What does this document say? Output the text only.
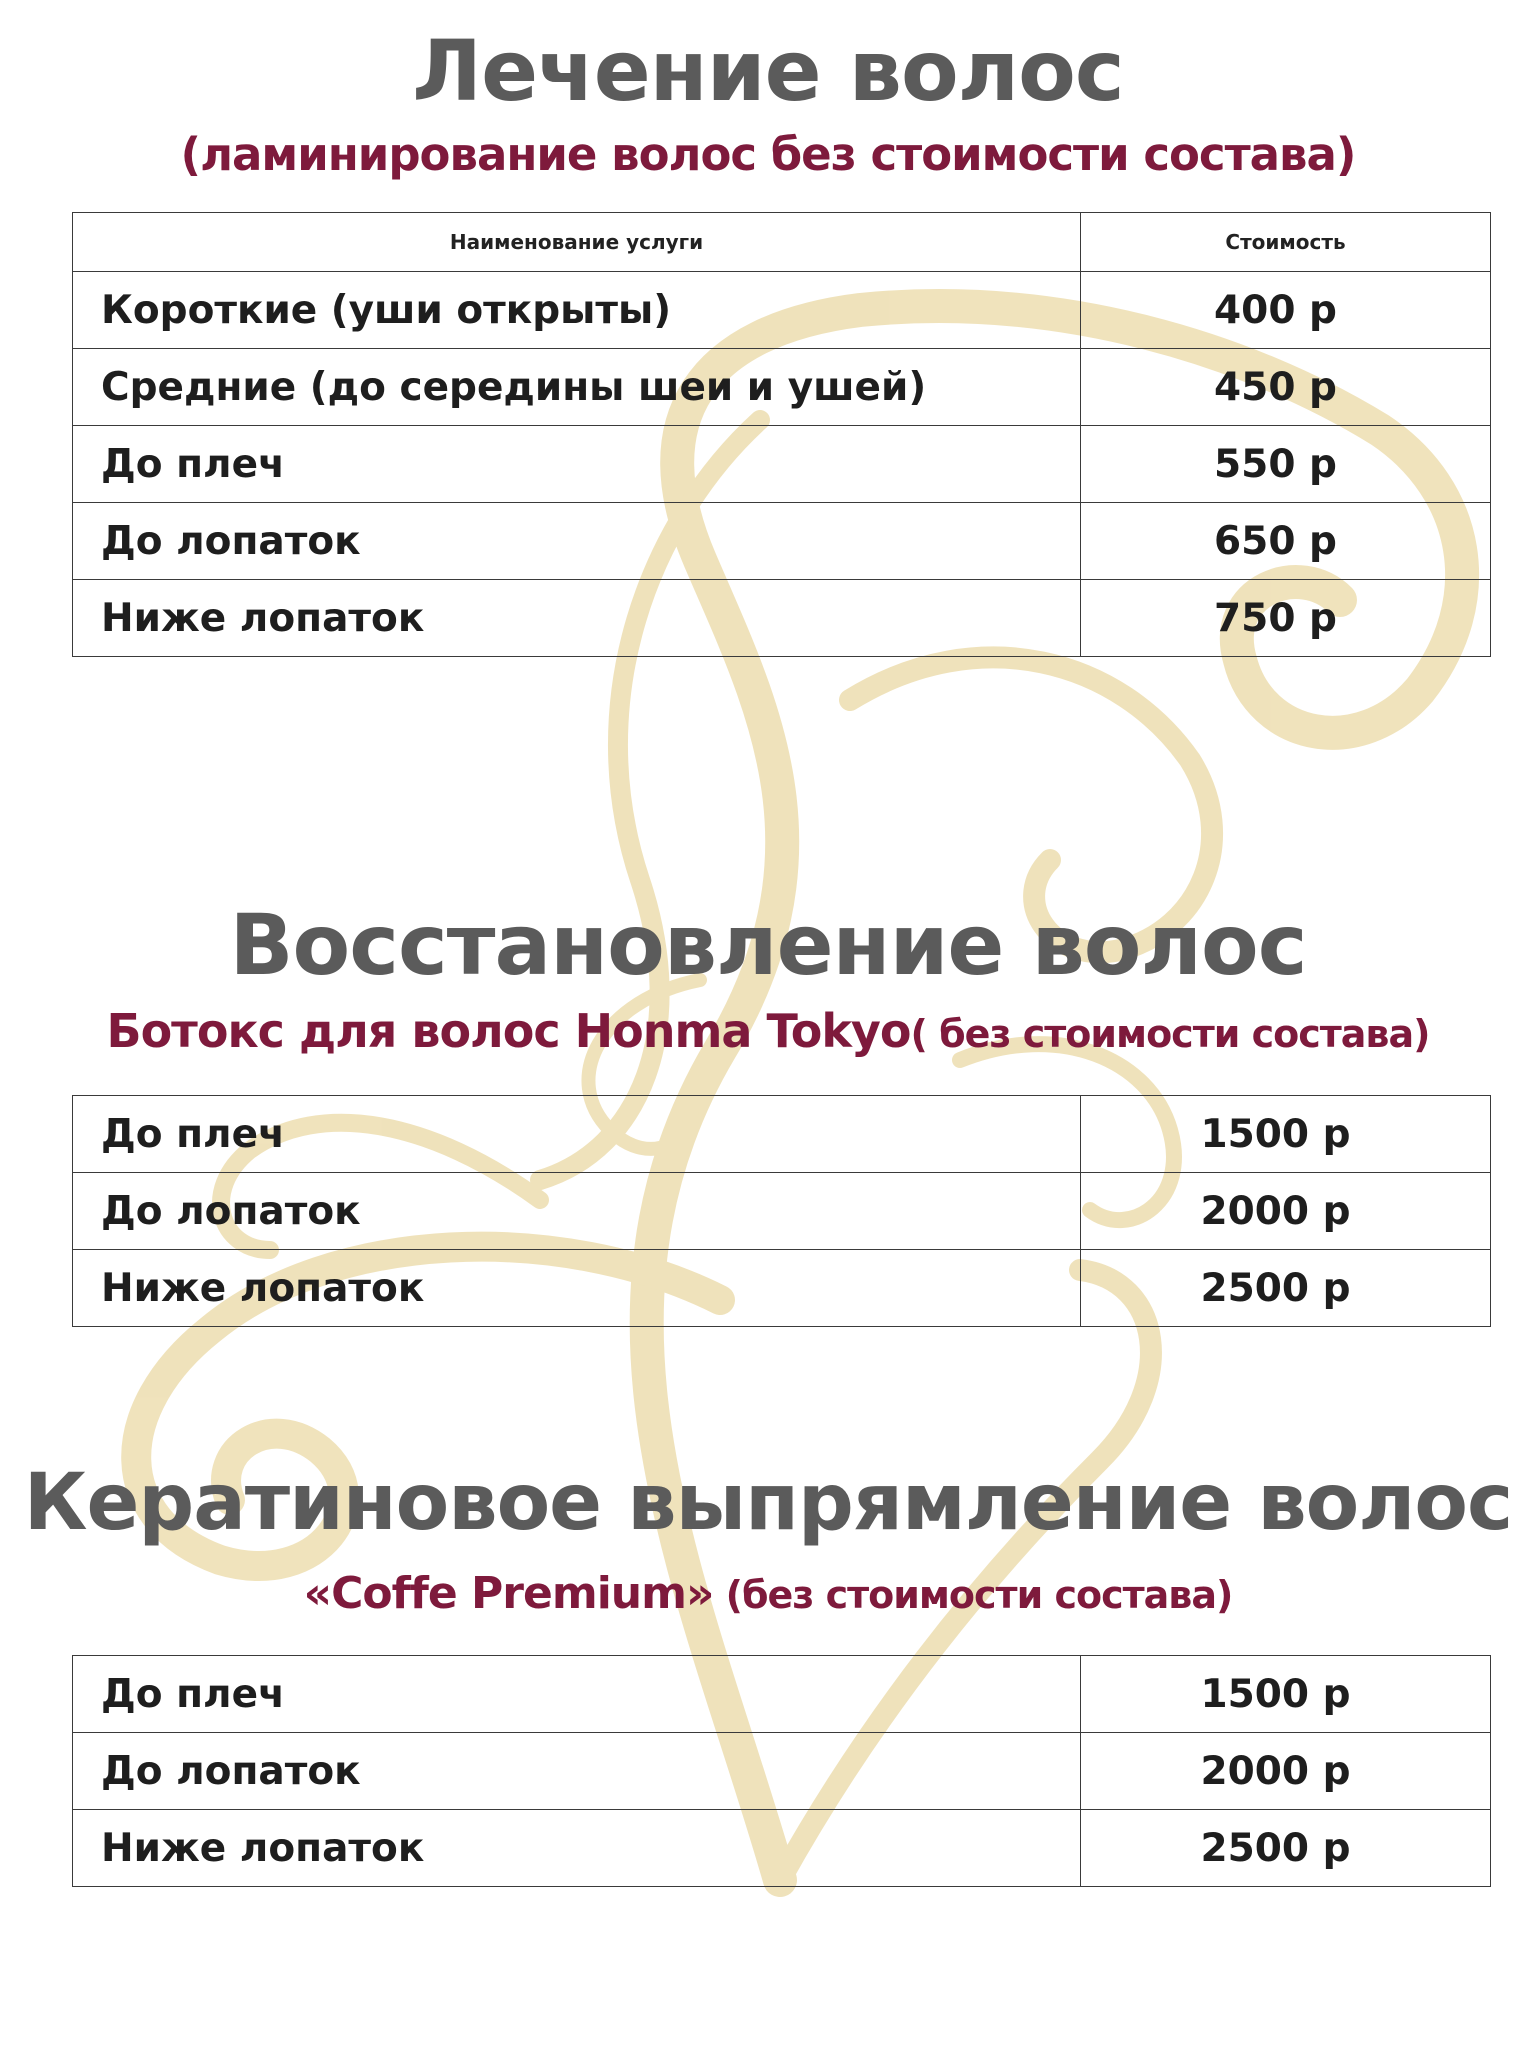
Лечение волос
(ламинирование волос без стоимости состава)
Наименование услуги	Стоимость
Короткие (уши открыты)	400 р
Средние (до середины шеи и ушей)	450 р
До плеч	550 р
До лопаток	650 р
Ниже лопаток	750 р
Восстановление волос
Ботокс для волос Honma Tokyo( без стоимости состава)
До плеч	1500 р
До лопаток	2000 р
Ниже лопаток	2500 р
Кератиновое выпрямление волос
«Coffe Premium» (без стоимости состава)
До плеч	1500 р
До лопаток	2000 р
Ниже лопаток	2500 р
